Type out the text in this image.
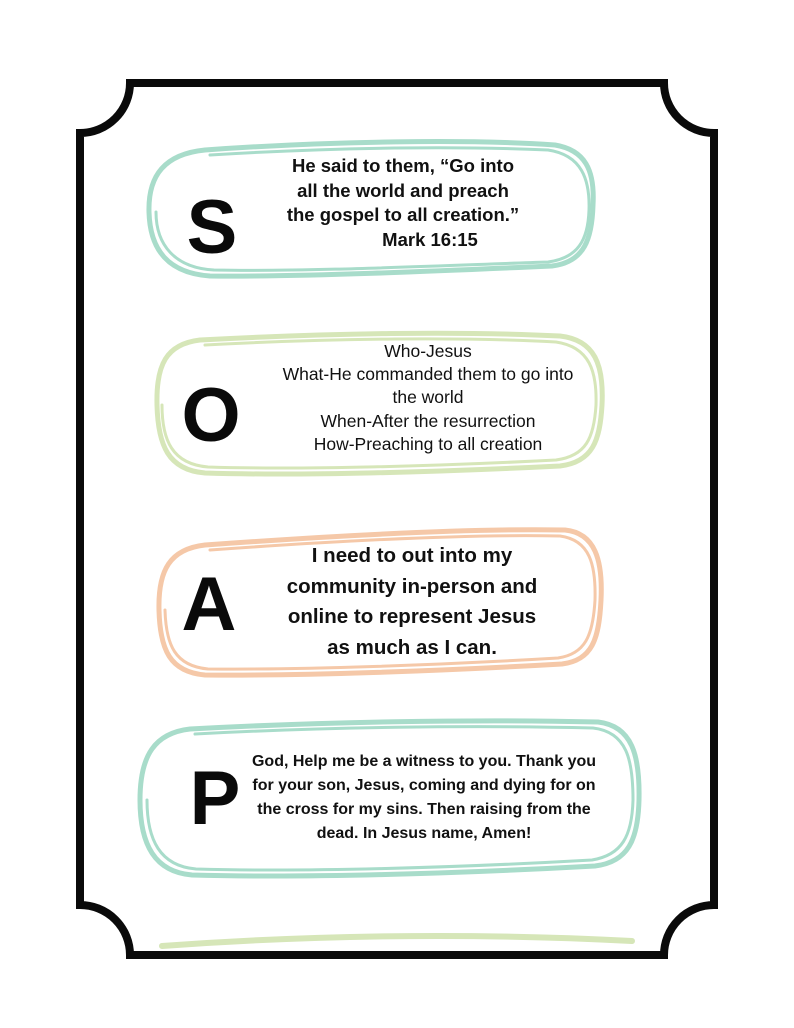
S
O
A
P
He said to them, “Go into
all the world and preach
the gospel to all creation.”
Mark 16:15
Who-Jesus
What-He commanded them to go into
the world
When-After the resurrection
How-Preaching to all creation
I need to out into my
community in-person and
online to represent Jesus
as much as I can.
God, Help me be a witness to you. Thank you
for your son, Jesus, coming and dying for on
the cross for my sins. Then raising from the
dead. In Jesus name, Amen!
